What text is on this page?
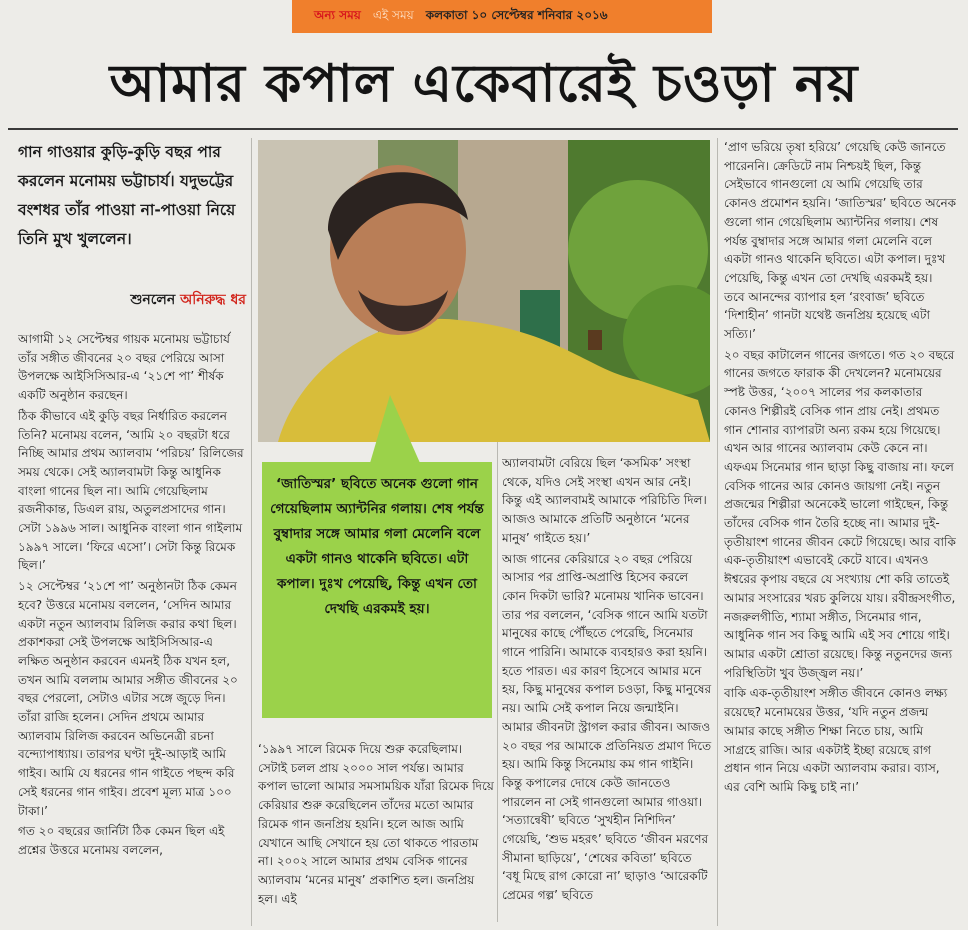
অন্য সময় এই সময় কলকাতা ১০ সেপ্টেম্বর শনিবার ২০১৬
আমার কপাল একেবারেই চওড়া নয়

গান গাওয়ার কুড়ি-কুড়ি বছর পার করলেন মনোময় ভট্টাচার্য। যদুভট্টের বংশধর তাঁর পাওয়া না-পাওয়া নিয়ে তিনি মুখ খুললেন।

শুনলেন অনিরুদ্ধ ধর

‘জাতিস্মর’ ছবিতে অনেক গুলো গান গেয়েছিলাম অ্যান্টনির গলায়। শেষ পর্যন্ত বুম্বাদার সঙ্গে আমার গলা মেলেনি বলে একটা গানও থাকেনি ছবিতে। এটা কপাল। দুঃখ পেয়েছি, কিন্তু এখন তো দেখছি এরকমই হয়।

আগামী ১২ সেপ্টেম্বর গায়ক মনোময় ভট্টাচার্য তাঁর সঙ্গীত জীবনের ২০ বছর পেরিয়ে আসা উপলক্ষে আইসিসিআর-এ ‘২১শে পা’ শীর্ষক একটি অনুষ্ঠান করছেন।

ঠিক কীভাবে এই কুড়ি বছর নির্ধারিত করলেন তিনি? মনোময় বলেন, ‘আমি ২০ বছরটা ধরে নিচ্ছি আমার প্রথম অ্যালবাম ‘পরিচয়’ রিলিজের সময় থেকে। সেই অ্যালবামটা কিন্তু আধুনিক বাংলা গানের ছিল না। আমি গেয়েছিলাম রজনীকান্ত, ডিএল রায়, অতুলপ্রসাদের গান। সেটা ১৯৯৬ সাল। আধুনিক বাংলা গান গাইলাম ১৯৯৭ সালে। ‘ফিরে এসো’। সেটা কিন্তু রিমেক ছিল।’

১২ সেপ্টেম্বর ‘২১শে পা’ অনুষ্ঠানটা ঠিক কেমন হবে? উত্তরে মনোময় বললেন, ‘সেদিন আমার একটা নতুন অ্যালবাম রিলিজ করার কথা ছিল। প্রকাশকরা সেই উপলক্ষে আইসিসিআর-এ লক্ষিত অনুষ্ঠান করবেন এমনই ঠিক যখন হল, তখন আমি বললাম আমার সঙ্গীত জীবনের ২০ বছর পেরলো, সেটাও এটার সঙ্গে জুড়ে দিন। তাঁরা রাজি হলেন। সেদিন প্রথমে আমার অ্যালবাম রিলিজ করবেন অভিনেত্রী রচনা বন্দ্যোপাধ্যায়। তারপর ঘণ্টা দুই-আড়াই আমি গাইব। আমি যে ধরনের গান গাইতে পছন্দ করি সেই ধরনের গান গাইব। প্রবেশ মূল্য মাত্র ১০০ টাকা।’

গত ২০ বছরের জার্নিটা ঠিক কেমন ছিল এই প্রশ্নের উত্তরে মনোময় বললেন,

‘১৯৯৭ সালে রিমেক দিয়ে শুরু করেছিলাম। সেটাই চলল প্রায় ২০০০ সাল পর্যন্ত। আমার কপাল ভালো আমার সমসাময়িক যাঁরা রিমেক দিয়ে কেরিয়ার শুরু করেছিলেন তাঁদের মতো আমার রিমেক গান জনপ্রিয় হয়নি। হলে আজ আমি যেখানে আছি সেখানে হয় তো থাকতে পারতাম না। ২০০২ সালে আমার প্রথম বেসিক গানের অ্যালবাম ‘মনের মানুষ’ প্রকাশিত হল। জনপ্রিয় হল। এই

অ্যালবামটা বেরিয়ে ছিল ‘কসমিক’ সংস্থা থেকে, যদিও সেই সংস্থা এখন আর নেই। কিন্তু এই অ্যালবামই আমাকে পরিচিতি দিল। আজও আমাকে প্রতিটি অনুষ্ঠানে ‘মনের মানুষ’ গাইতে হয়।’

আজ গানের কেরিয়ারে ২০ বছর পেরিয়ে আসার পর প্রাপ্তি-অপ্রাপ্তি হিসেব করলে কোন দিকটা ভারি? মনোময় খানিক ভাবেন। তার পর বললেন, ‘বেসিক গানে আমি যতটা মানুষের কাছে পৌঁছতে পেরেছি, সিনেমার গানে পারিনি। আমাকে ব্যবহারও করা হয়নি। হতে পারত। এর কারণ হিসেবে আমার মনে হয়, কিছু মানুষের কপাল চওড়া, কিছু মানুষের নয়। আমি সেই কপাল নিয়ে জন্মাইনি। আমার জীবনটা স্ট্রাগল করার জীবন। আজও ২০ বছর পর আমাকে প্রতিনিয়ত প্রমাণ দিতে হয়। আমি কিন্তু সিনেমায় কম গান গাইনি। কিন্তু কপালের দোষে কেউ জানতেও পারলেন না সেই গানগুলো আমার গাওয়া। ‘সত্যান্বেষী’ ছবিতে ‘সুখহীন নিশিদিন’ গেয়েছি, ‘শুভ মহরৎ’ ছবিতে ‘জীবন মরণের সীমানা ছাড়িয়ে’, ‘শেষের কবিতা’ ছবিতে ‘বধূ মিছে রাগ কোরো না’ ছাড়াও ‘আরেকটি প্রেমের গল্প’ ছবিতে

‘প্রাণ ভরিয়ে তৃষা হরিয়ে’ গেয়েছি কেউ জানতে পারেননি। ক্রেডিটে নাম নিশ্চয়ই ছিল, কিন্তু সেইভাবে গানগুলো যে আমি গেয়েছি তার কোনও প্রমোশন হয়নি। ‘জাতিস্মর’ ছবিতে অনেক গুলো গান গেয়েছিলাম অ্যান্টনির গলায়। শেষ পর্যন্ত বুম্বাদার সঙ্গে আমার গলা মেলেনি বলে একটা গানও থাকেনি ছবিতে। এটা কপাল। দুঃখ পেয়েছি, কিন্তু এখন তো দেখছি এরকমই হয়। তবে আনন্দের ব্যাপার হল ‘রংবাজ’ ছবিতে ‘দিশাহীন’ গানটা যথেষ্ট জনপ্রিয় হয়েছে এটা সত্যি।’

২০ বছর কাটালেন গানের জগতে। গত ২০ বছরে গানের জগতে ফারাক কী দেখলেন? মনোময়ের স্পষ্ট উত্তর, ‘২০০৭ সালের পর কলকাতার কোনও শিল্পীরই বেসিক গান প্রায় নেই। প্রথমত গান শোনার ব্যাপারটা অন্য রকম হয়ে গিয়েছে। এখন আর গানের অ্যালবাম কেউ কেনে না। এফএম সিনেমার গান ছাড়া কিছু বাজায় না। ফলে বেসিক গানের আর কোনও জায়গা নেই। নতুন প্রজন্মের শিল্পীরা অনেকেই ভালো গাইছেন, কিন্তু তাঁদের বেসিক গান তৈরি হচ্ছে না। আমার দুই-তৃতীয়াংশ গানের জীবন কেটে গিয়েছে। আর বাকি এক-তৃতীয়াংশ এভাবেই কেটে যাবে। এখনও ঈশ্বরের কৃপায় বছরে যে সংখ্যায় শো করি তাতেই আমার সংসারের খরচ কুলিয়ে যায়। রবীন্দ্রসংগীত, নজরুলগীতি, শ্যামা সঙ্গীত, সিনেমার গান, আধুনিক গান সব কিছু আমি এই সব শোয়ে গাই। আমার একটা শ্রোতা রয়েছে। কিন্তু নতুনদের জন্য পরিস্থিতিটা খুব উজ্জ্বল নয়।’

বাকি এক-তৃতীয়াংশ সঙ্গীত জীবনে কোনও লক্ষ্য রয়েছে? মনোময়ের উত্তর, ‘যদি নতুন প্রজন্ম আমার কাছে সঙ্গীত শিক্ষা নিতে চায়, আমি সাগ্রহে রাজি। আর একটাই ইচ্ছা রয়েছে রাগ প্রধান গান নিয়ে একটা অ্যালবাম করার। ব্যাস, এর বেশি আমি কিছু চাই না।’
